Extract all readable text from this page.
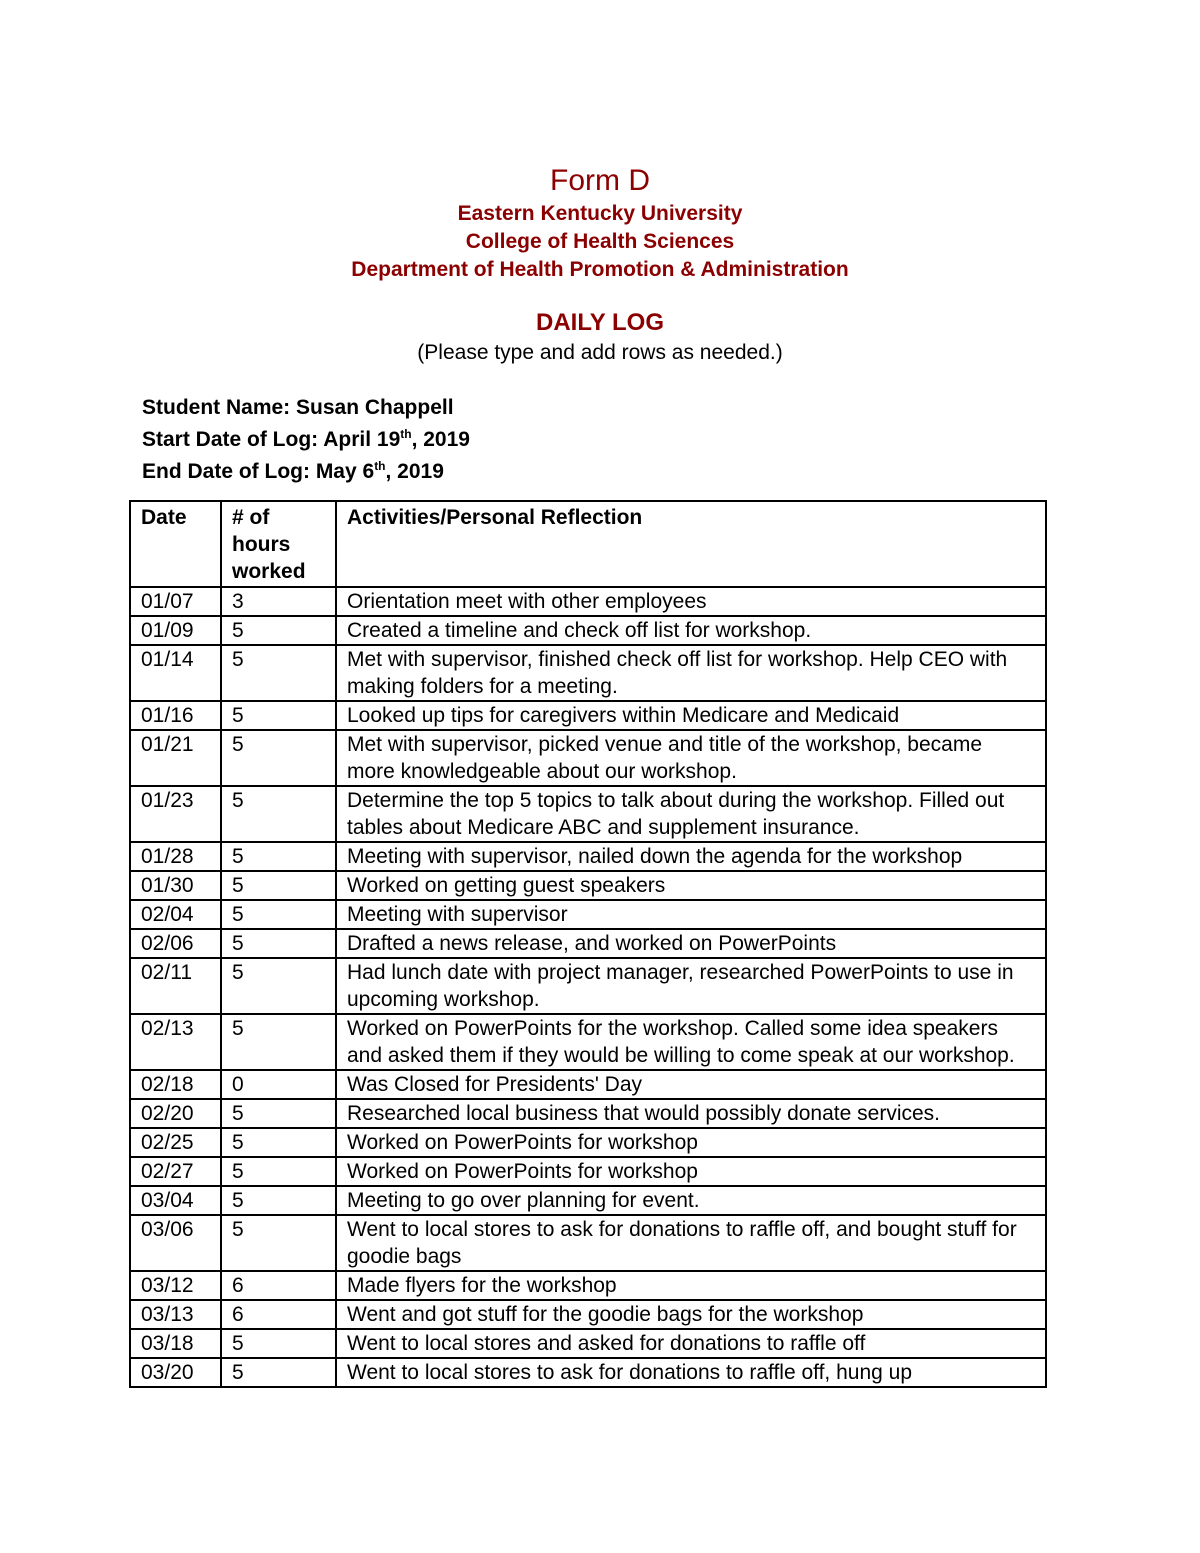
Form D
Eastern Kentucky University
College of Health Sciences
Department of Health Promotion & Administration
DAILY LOG
(Please type and add rows as needed.)
Student Name: Susan Chappell
Start Date of Log: April 19th, 2019
End Date of Log: May 6th, 2019
Date	# of hours worked	Activities/Personal Reflection
01/07	3	Orientation meet with other employees
01/09	5	Created a timeline and check off list for workshop.
01/14	5	Met with supervisor, finished check off list for workshop. Help CEO with making folders for a meeting.
01/16	5	Looked up tips for caregivers within Medicare and Medicaid
01/21	5	Met with supervisor, picked venue and title of the workshop, became more knowledgeable about our workshop.
01/23	5	Determine the top 5 topics to talk about during the workshop. Filled out tables about Medicare ABC and supplement insurance.
01/28	5	Meeting with supervisor, nailed down the agenda for the workshop
01/30	5	Worked on getting guest speakers
02/04	5	Meeting with supervisor
02/06	5	Drafted a news release, and worked on PowerPoints
02/11	5	Had lunch date with project manager, researched PowerPoints to use in upcoming workshop.
02/13	5	Worked on PowerPoints for the workshop. Called some idea speakers and asked them if they would be willing to come speak at our workshop.
02/18	0	Was Closed for Presidents' Day
02/20	5	Researched local business that would possibly donate services.
02/25	5	Worked on PowerPoints for workshop
02/27	5	Worked on PowerPoints for workshop
03/04	5	Meeting to go over planning for event.
03/06	5	Went to local stores to ask for donations to raffle off, and bought stuff for goodie bags
03/12	6	Made flyers for the workshop
03/13	6	Went and got stuff for the goodie bags for the workshop
03/18	5	Went to local stores and asked for donations to raffle off
03/20	5	Went to local stores to ask for donations to raffle off, hung up
